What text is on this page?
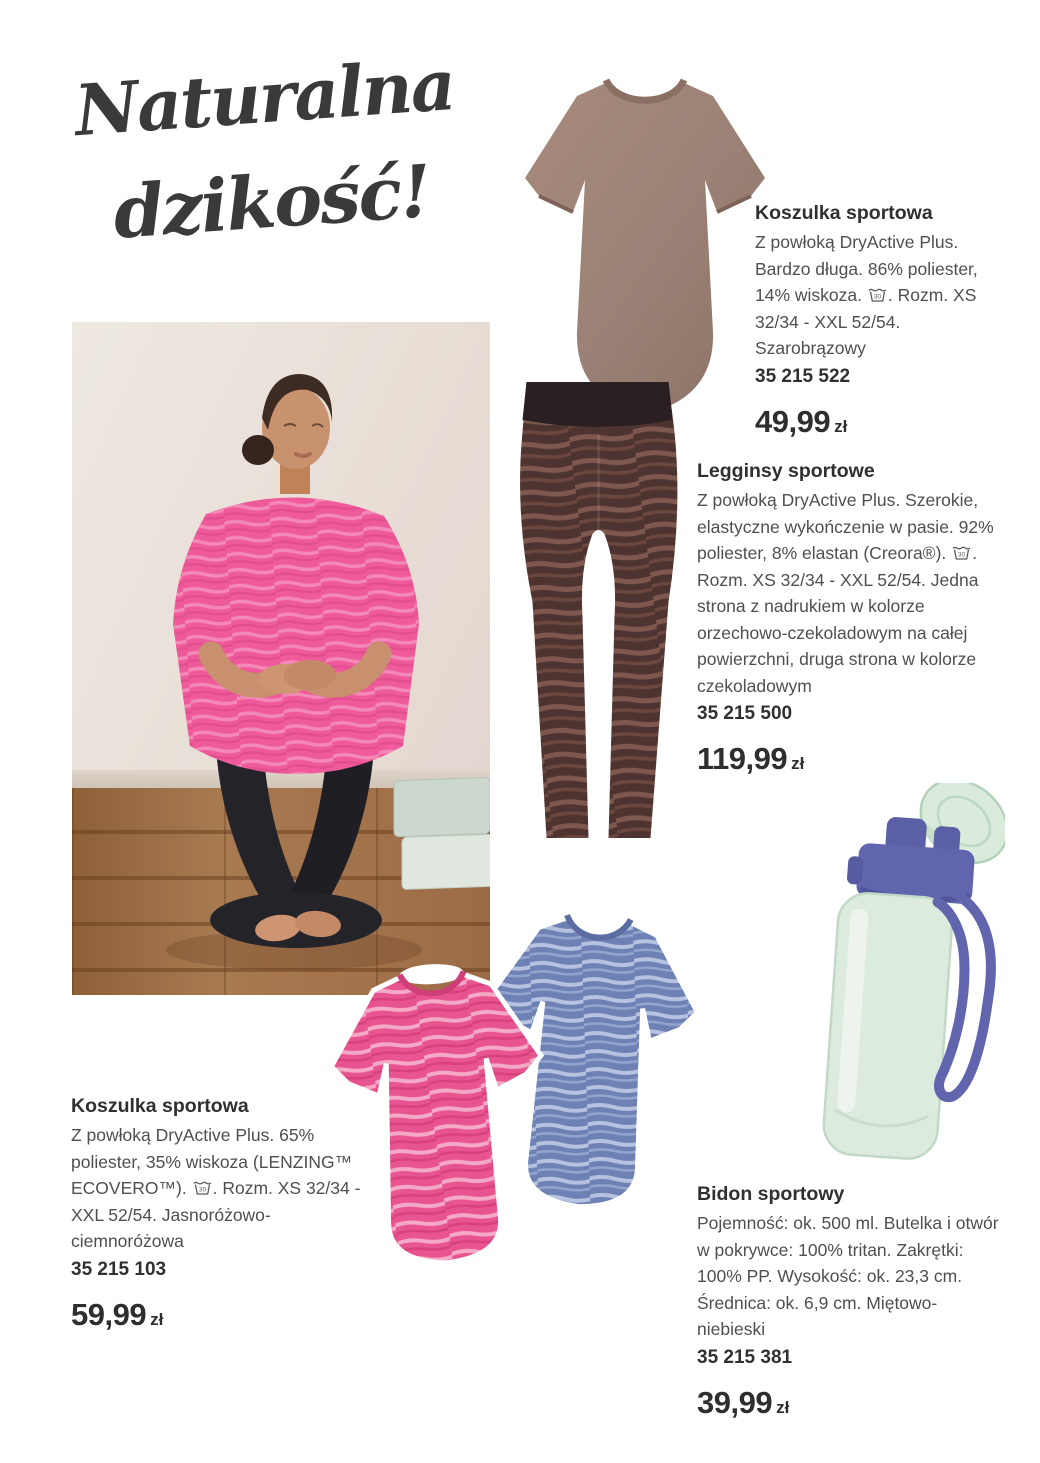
Naturalna
dzikość!	Koszulka sportowa

Z powłoką DryActive Plus. Bardzo długa. 86% poliester, 14% wiskoza. 30 . Rozm. XS 32/34 - XXL 52/54. Szarobrązowy

35 215 522
49,99 zł
Legginsy sportowe

Z powłoką DryActive Plus. Szerokie, elastyczne wykończenie w pasie. 92% poliester, 8% elastan (Creora®). 30 . Rozm. XS 32/34 - XXL 52/54. Jedna strona z nadrukiem w kolorze orzechowo-czekoladowym na całej powierzchni, druga strona w kolorze czekoladowym

35 215 500
119,99 zł
Koszulka sportowa

Z powłoką DryActive Plus. 65% poliester, 35% wiskoza (LENZING™ ECOVERO™). 30 . Rozm. XS 32/34 - XXL 52/54. Jasnoróżowo-ciemnoróżowa

35 215 103
59,99 zł
Bidon sportowy

Pojemność: ok. 500 ml. Butelka i otwór w pokrywce: 100% tritan. Zakrętki: 100% PP. Wysokość: ok. 23,3 cm. Średnica: ok. 6,9 cm. Miętowo-niebieski

35 215 381
39,99 zł
